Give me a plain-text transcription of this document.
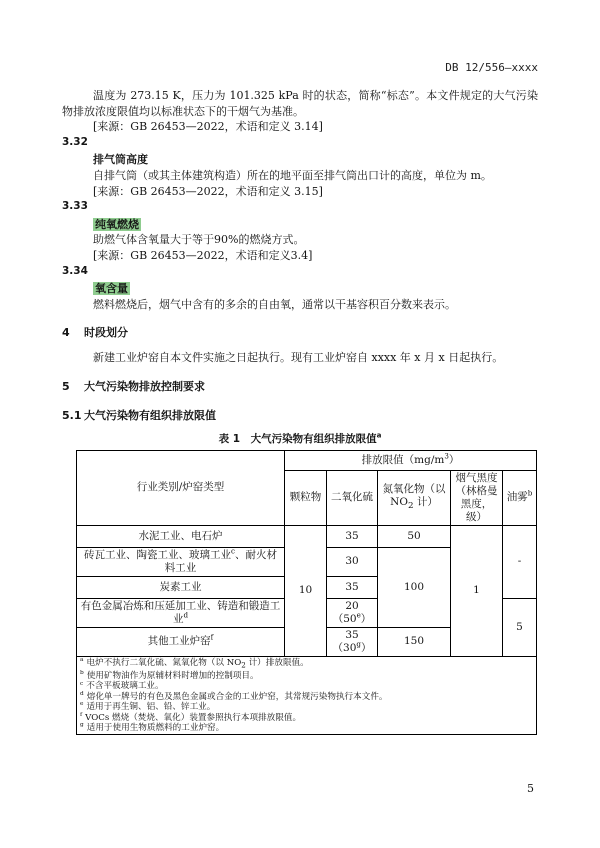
DB 12/556—xxxx

温度为 273.15 K，压力为 101.325 kPa 时的状态，简称“标态”。本文件规定的大气污染物排放浓度限值均以标准状态下的干烟气为基准。

[来源：GB 26453—2022，术语和定义 3.14]

3.32
排气筒高度

自排气筒（或其主体建筑构造）所在的地平面至排气筒出口计的高度，单位为 m。

[来源：GB 26453—2022，术语和定义 3.15]

3.33
纯氧燃烧

助燃气体含氧量大于等于90%的燃烧方式。

[来源：GB 26453—2022，术语和定义3.4]

3.34
氧含量

燃料燃烧后，烟气中含有的多余的自由氧，通常以干基容积百分数来表示。

4 时段划分

新建工业炉窑自本文件实施之日起执行。现有工业炉窑自 xxxx 年 x 月 x 日起执行。

5 大气污染物排放控制要求
5.1 大气污染物有组织排放限值
表 1　大气污染物有组织排放限值$^a$
行业类别/炉窑类型	排放限值$(mg/m^3)$				
	颗粒物	二氧化硫	氮氧化物（以 $NO_2$ 计）	烟气黑度（林格曼黑度，级）	油雾$^b$
水泥工业、电石炉	10	35	50	1	-
砖瓦工业、陶瓷工业、玻璃工业$^c$、耐火材料工业		30	100		
炭素工业		35			
有色金属冶炼和压延加工业、铸造和锻造工业$^d$		20（50e）			5
其他工业炉窑$^f$		35（30$^g$）	150		

$^a$ 电炉不执行二氧化硫、氮氧化物（以 $NO_2$ 计）排放限值。
$^b$ 使用矿物油作为原辅材料时增加的控制项目。
$^c$ 不含平板玻璃工业。
$^d$ 熔化单一牌号的有色及黑色金属或合金的工业炉窑，其常规污染物执行本文件。
$^e$ 适用于再生铜、铝、铅、锌工业。
$^f$ VOCs 燃烧（焚烧、氧化）装置参照执行本项排放限值。
$^g$ 适用于使用生物质燃料的工业炉窑。
5
